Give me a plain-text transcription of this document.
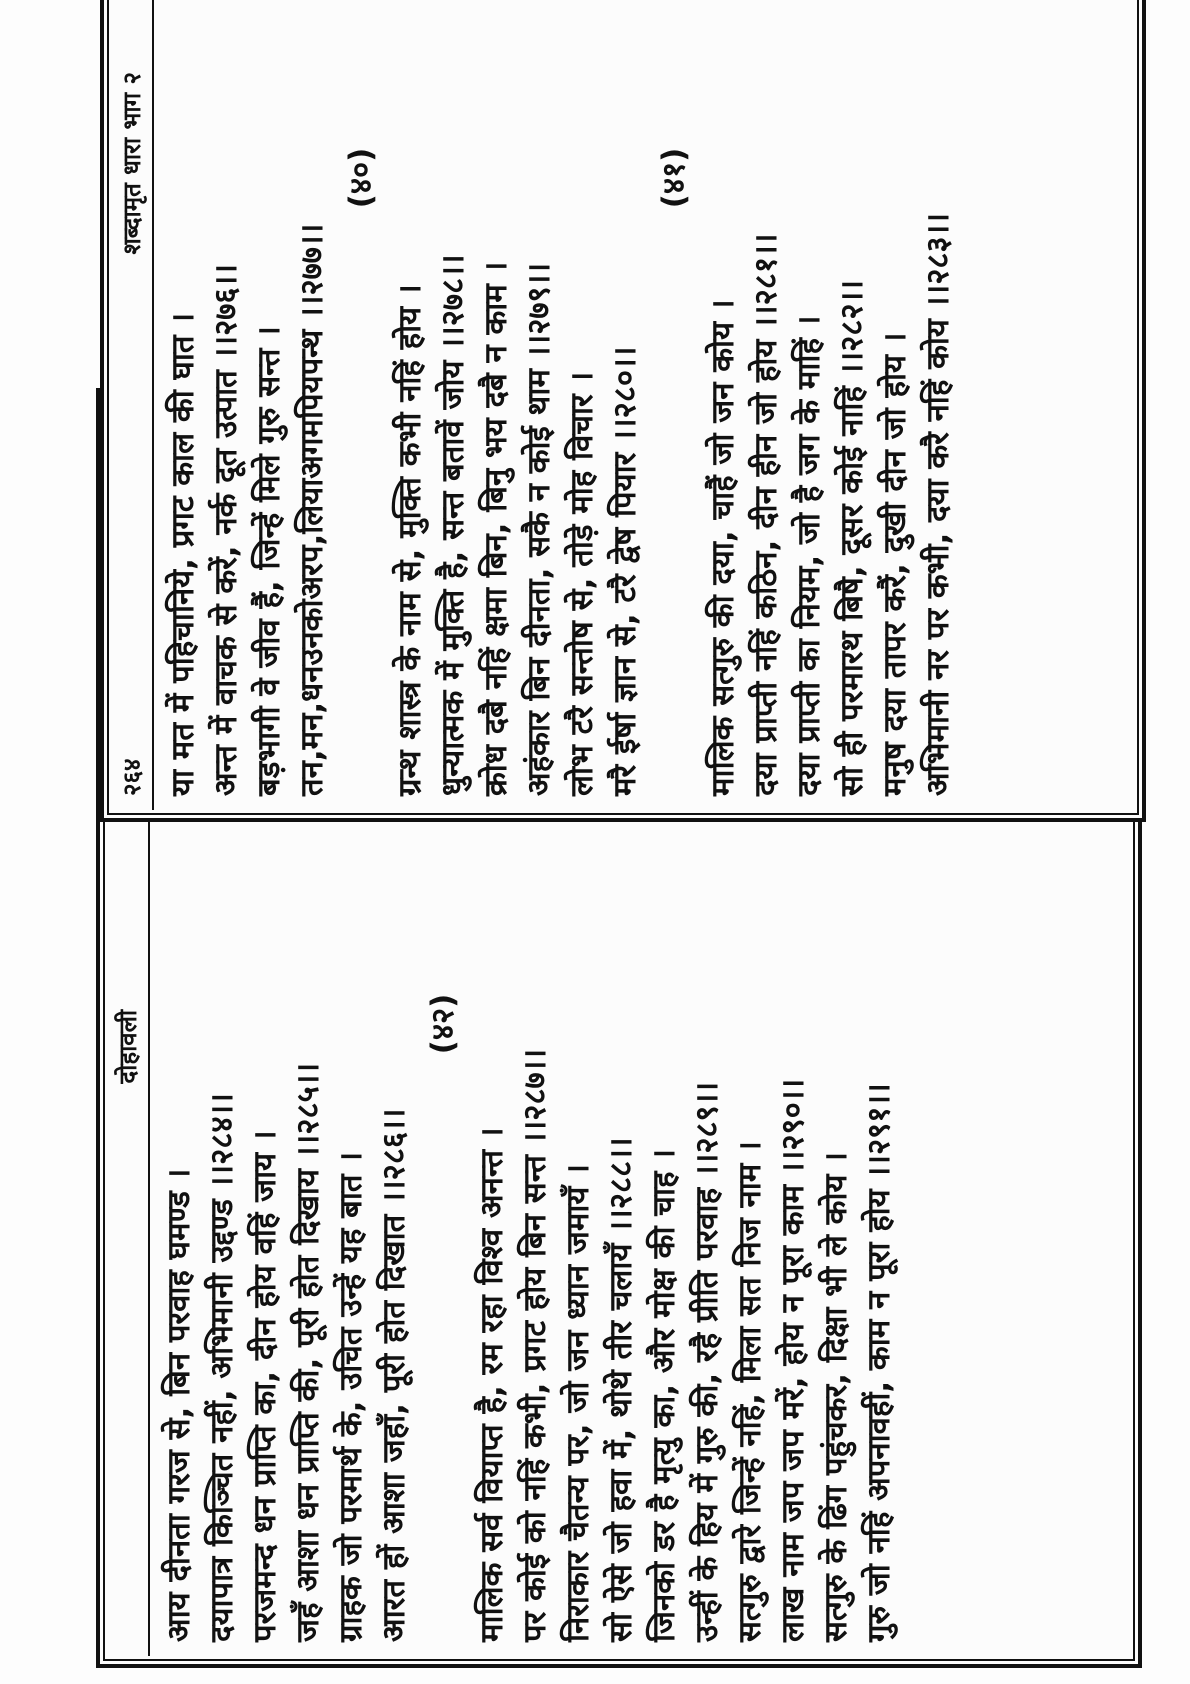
दोहावली
आय दीनता गरज से, बिन परवाह घमण्ड । दयापात्र किञ्चित नहीं, अभिमानी उद्दण्ड ।।२८४।। परजमन्द धन प्राप्ति का, दीन होय वहिं जाय । जहँ आशा धन प्राप्ति की, पूरी होत दिखाय ।।२८५।। ग्राहक जो परमार्थ के, उचित उन्हें यह बात । आरत हों आशा जहाँ, पूरी होत दिखात ।।२८६।।
(४२)
मालिक सर्व वियाप्त है, रम रहा विश्व अनन्त । पर कोई को नहिं कभी, प्रगट होय बिन सन्त ।।२८७।। निराकार चैतन्य पर, जो जन ध्यान जमायँ । सो ऐसे जो हवा में, थोथे तीर चलायँ ।।२८८।। जिनको डर है मृत्यु का, और मोक्ष की चाह । उन्हीं के हिय में गुरु की, रहै प्रीति परवाह ।।२८९।। सत्गुरु द्वारे जिन्हें नहिं, मिला सत निज नाम । लाख नाम जप जप मरें, होय न पूरा काम ।।२९०।। सत्गुरु के ढिंग पहुंचकर, दिक्षा भी ले कोय । गुरु जो नहिं अपनावहीं, काम न पूरा होय ।।२९१।।
२६४
शब्दामृत धारा भाग २
या मत में पहिचानिये, प्रगट काल की घात । अन्त में वाचक से करें, नर्क दूत उत्पात ।।२७६।। बड़भागी वे जीव हैं, जिन्हें मिले गुरु सन्त । तन,मन,धनउनकोअरप,लियाअगमपियपन्थ ।।२७७।।
(४०)
ग्रन्थ शास्त्र के नाम से, मुक्ति कभी नहिं होय । धुन्यात्मक में मुक्ति है, सन्त बतावें जोय ।।२७८।। क्रोध दबै नहिं क्षमा बिन, बिनु भय दबै न काम । अहंकार बिन दीनता, सकै न कोई थाम ।।२७९।। लोभ टरै सन्तोष से, तोड़े मोह विचार । मरै ईर्षा ज्ञान से, टरै द्वेष पियार ।।२८०।।
(४१)
मालिक सत्गुरु की दया, चाहैं जो जन कोय । दया प्राप्ती नहिं कठिन, दीन हीन जो होय ।।२८१।। दया प्राप्ती का नियम, जो है जग के माहिं । सो ही परमारथ बिषै, दूसर कोई नाहिं ।।२८२।। मनुष दया तापर करैं, दुखी दीन जो होय । अभिमानी नर पर कभी, दया करै नहिं कोय ।।२८३।।
